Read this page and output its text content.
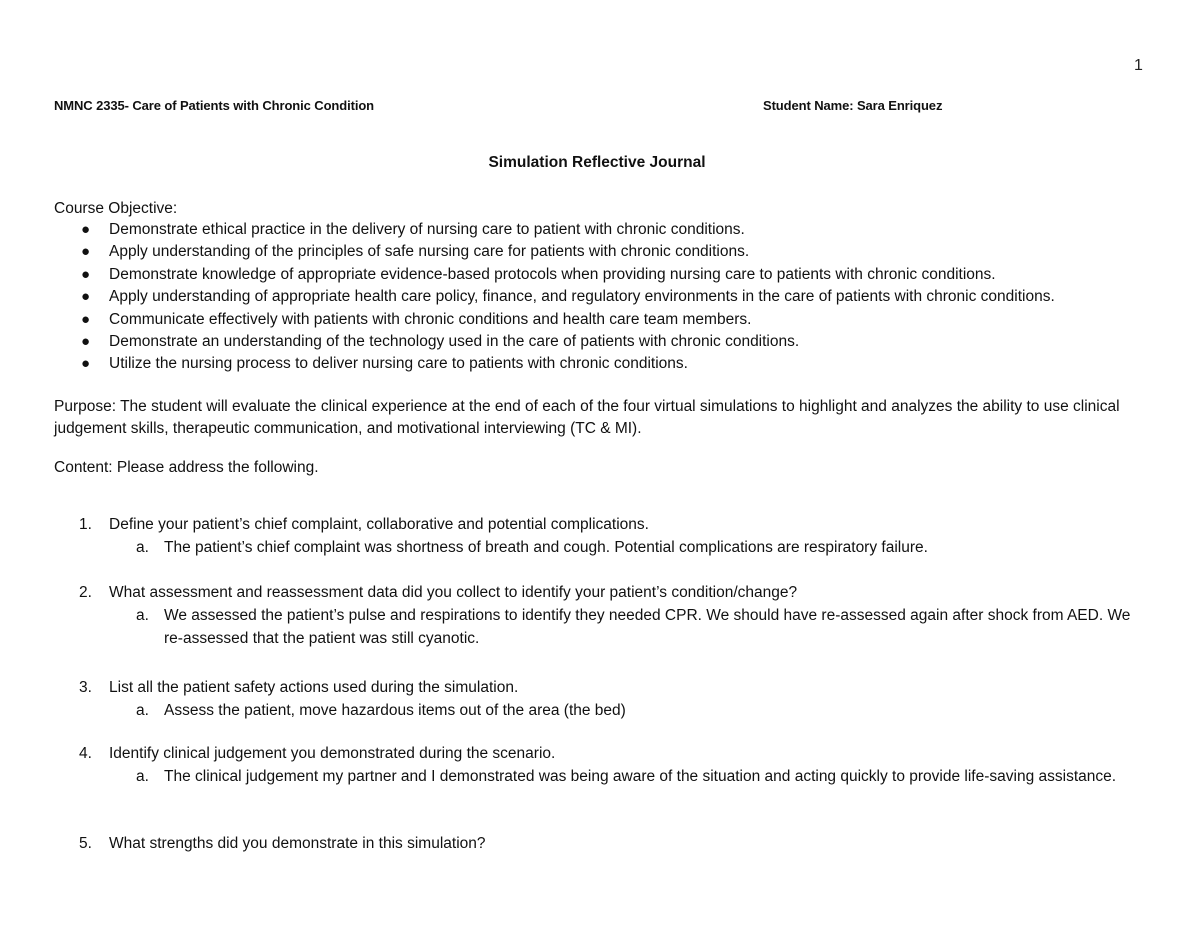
1
NMNC 2335- Care of Patients with Chronic Condition	Student Name: Sara Enriquez
Simulation Reflective Journal
Course Objective:
● Demonstrate ethical practice in the delivery of nursing care to patient with chronic conditions.
● Apply understanding of the principles of safe nursing care for patients with chronic conditions.
● Demonstrate knowledge of appropriate evidence-based protocols when providing nursing care to patients with chronic conditions.
● Apply understanding of appropriate health care policy, finance, and regulatory environments in the care of patients with chronic conditions.
● Communicate effectively with patients with chronic conditions and health care team members.
● Demonstrate an understanding of the technology used in the care of patients with chronic conditions.
● Utilize the nursing process to deliver nursing care to patients with chronic conditions.
Purpose: The student will evaluate the clinical experience at the end of each of the four virtual simulations to highlight and analyzes the ability to use clinical judgement skills, therapeutic communication, and motivational interviewing (TC & MI).
Content: Please address the following.
1. Define your patient’s chief complaint, collaborative and potential complications.
a. The patient’s chief complaint was shortness of breath and cough. Potential complications are respiratory failure.
2. What assessment and reassessment data did you collect to identify your patient’s condition/change?
a. We assessed the patient’s pulse and respirations to identify they needed CPR. We should have re-assessed again after shock from AED. We re-assessed that the patient was still cyanotic.
3. List all the patient safety actions used during the simulation.
a. Assess the patient, move hazardous items out of the area (the bed)
4. Identify clinical judgement you demonstrated during the scenario.
a. The clinical judgement my partner and I demonstrated was being aware of the situation and acting quickly to provide life-saving assistance.
5. What strengths did you demonstrate in this simulation?
